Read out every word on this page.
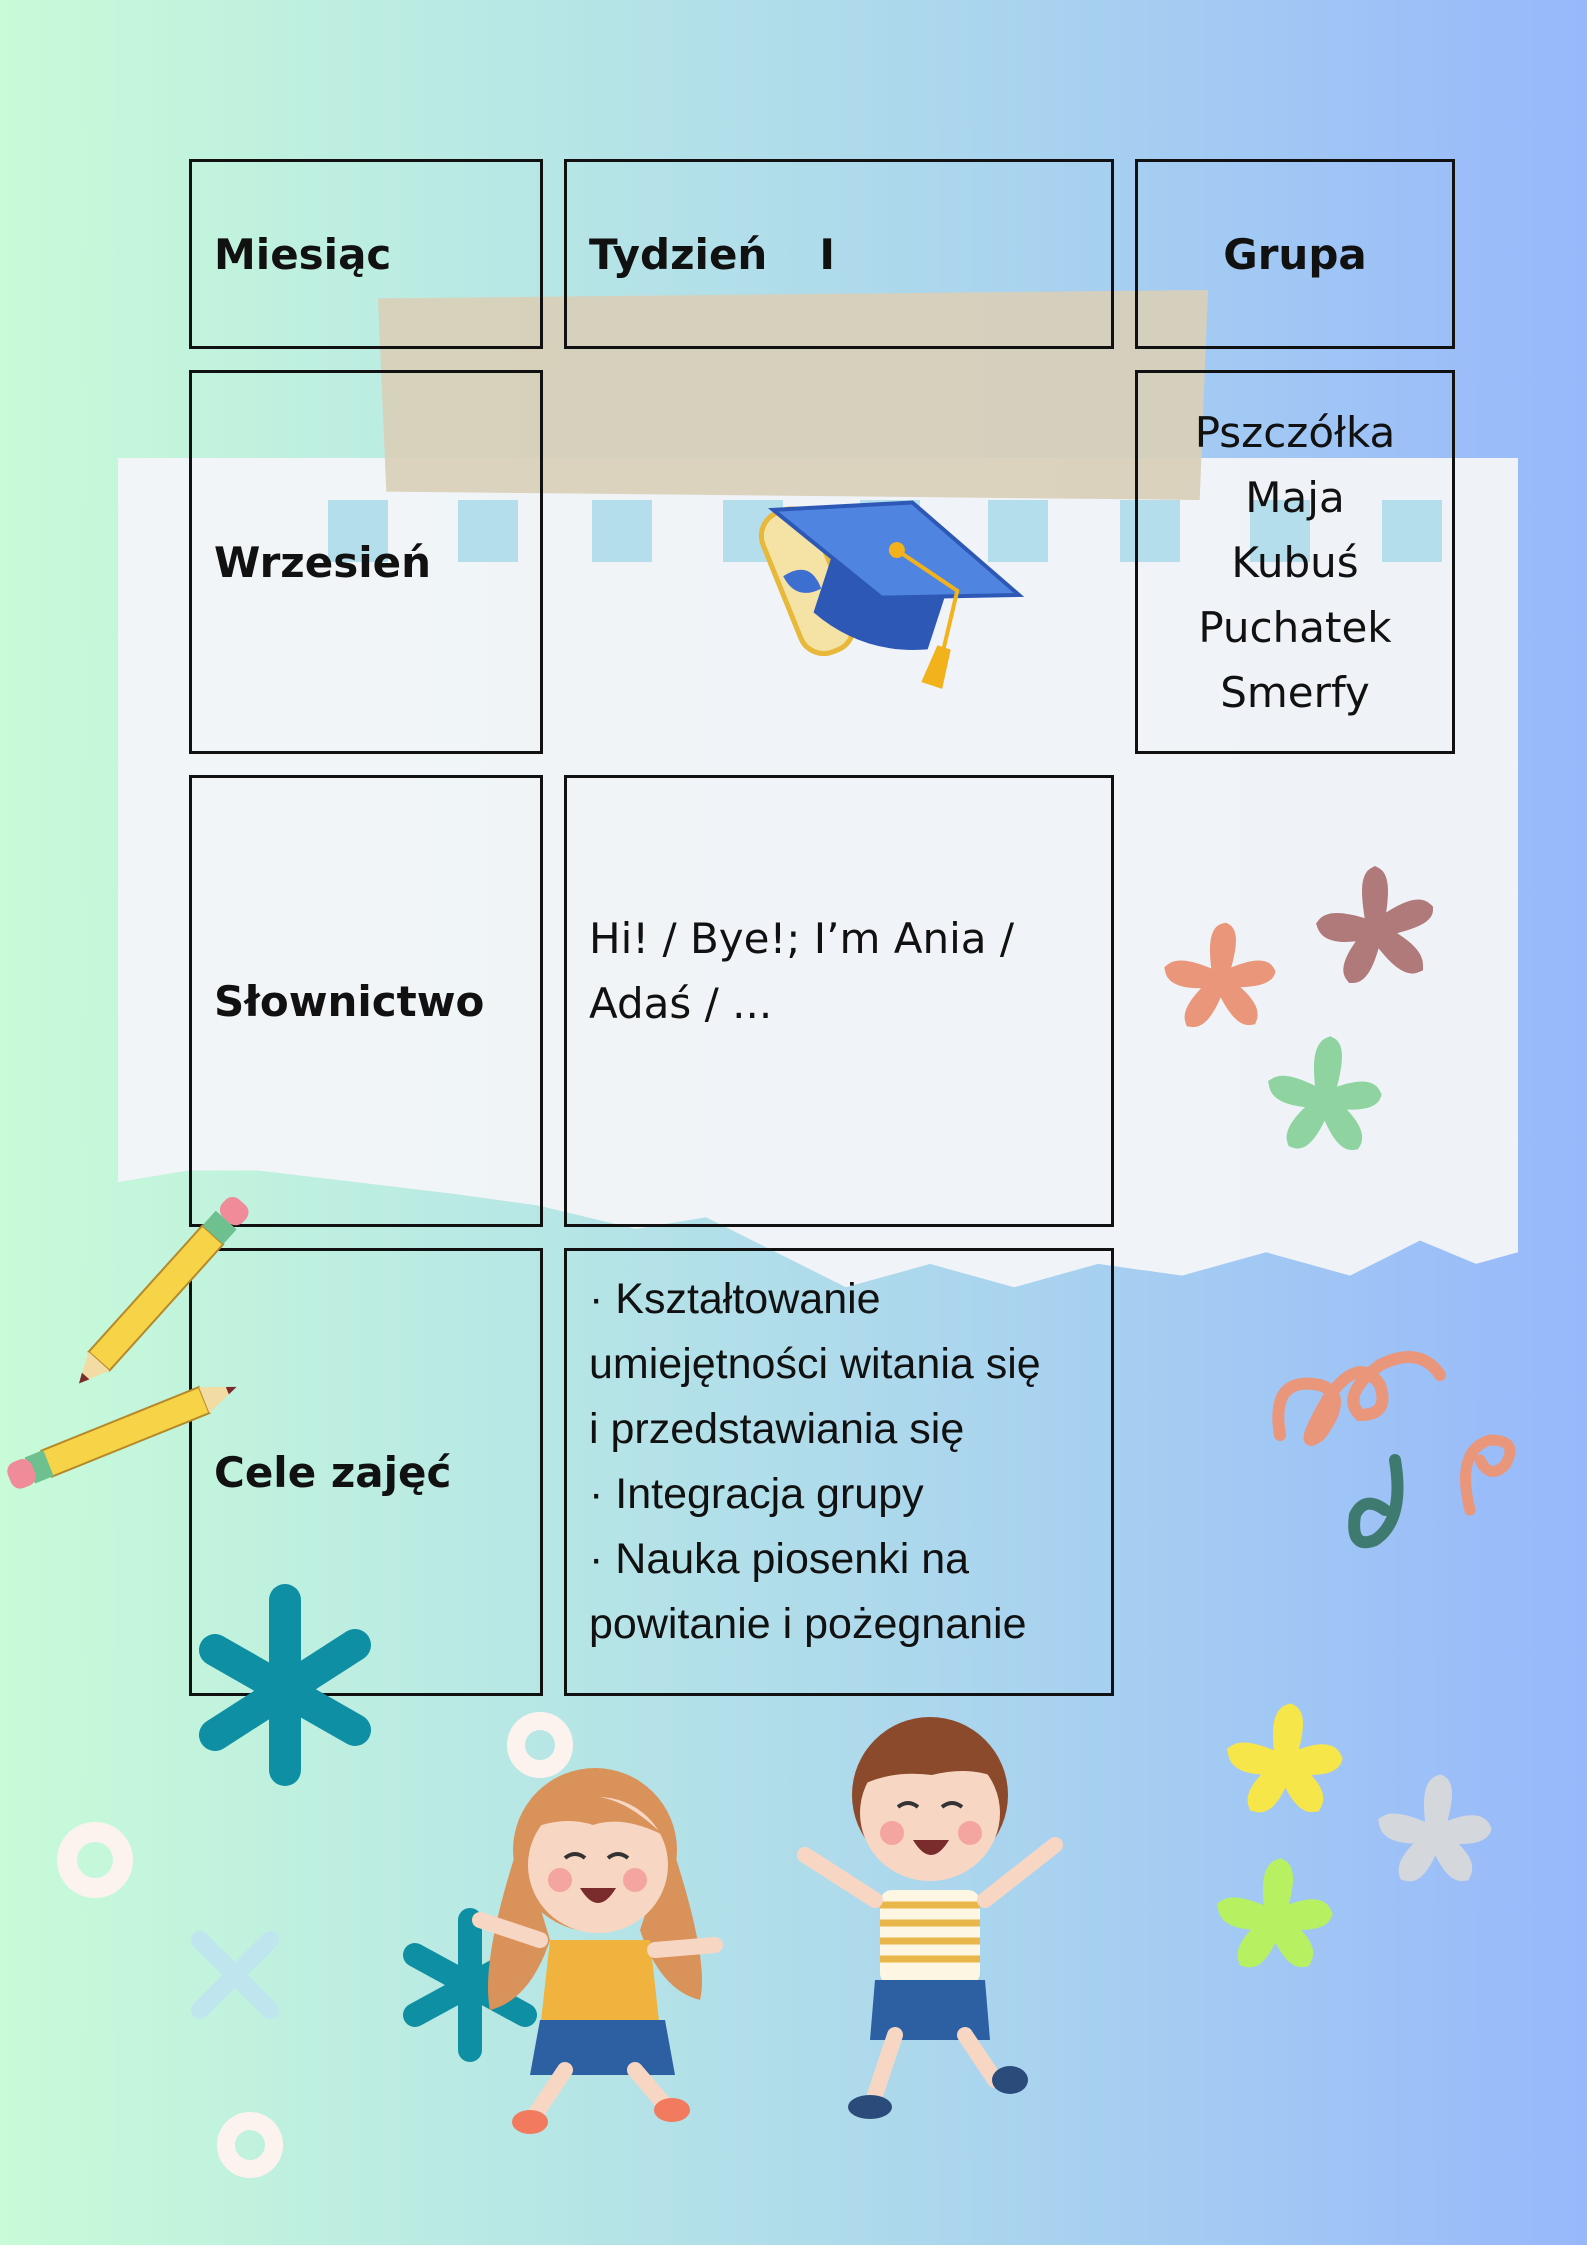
Miesiąc	Tydzień I	Grupa
Wrzesień
Pszczółka
Maja
Kubuś
Puchatek
Smerfy
Słownictwo
Hi! / Bye!; I’m Ania /
Adaś / ...
Cele zajęć
· Kształtowanie
umiejętności witania się
i przedstawiania się
· Integracja grupy
· Nauka piosenki na
powitanie i pożegnanie
